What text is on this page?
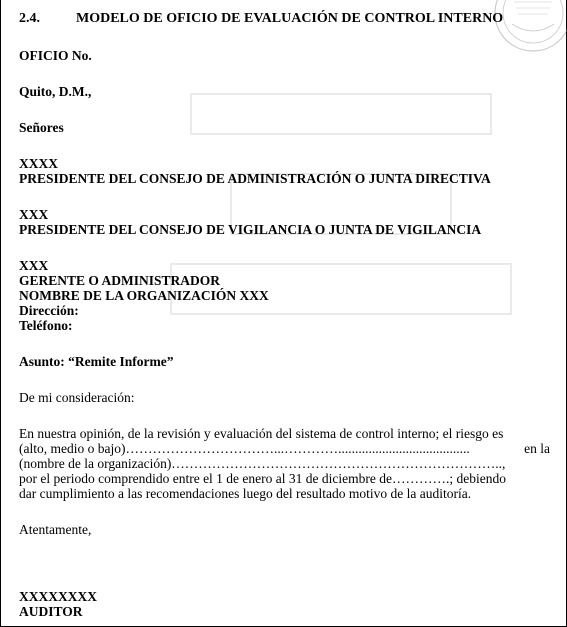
2.4.	MODELO DE OFICIO DE EVALUACIÓN DE CONTROL INTERNO
OFICIO No.
Quito, D.M.,
Señores
XXXX
PRESIDENTE DEL CONSEJO DE ADMINISTRACIÓN O JUNTA DIRECTIVA
XXX
PRESIDENTE DEL CONSEJO DE VIGILANCIA O JUNTA DE VIGILANCIA
XXX
GERENTE O ADMINISTRADOR
NOMBRE DE LA ORGANIZACIÓN XXX
Dirección:
Teléfono:
Asunto: “Remite Informe”
De mi consideración:
En nuestra opinión, de la revisión y evaluación del sistema de control interno; el riesgo es
(alto, medio o bajo)……………………………...………….......................................	en la
(nombre de la organización)………………………………………………………………..,
por el periodo comprendido entre el 1 de enero al 31 de diciembre de………….; debiendo
dar cumplimiento a las recomendaciones luego del resultado motivo de la auditoría.
Atentamente,
XXXXXXXX
AUDITOR
